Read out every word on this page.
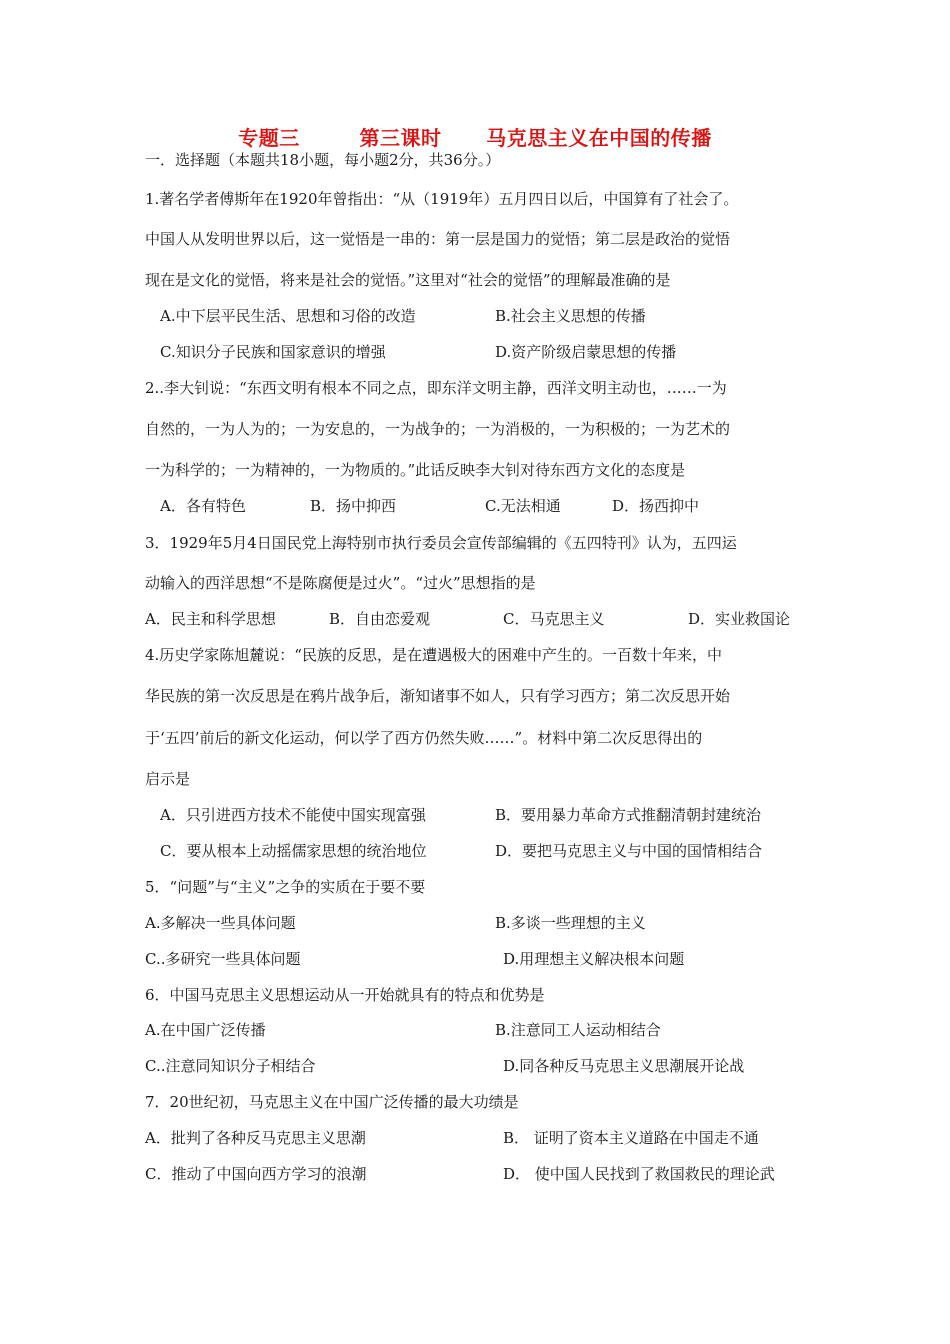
专题三        第三课时      马克思主义在中国的传播
一．选择题（本题共18小题，每小题2分，共36分。）
1.著名学者傅斯年在1920年曾指出：“从（1919年）五月四日以后，中国算有了社会了。
中国人从发明世界以后，这一觉悟是一串的：第一层是国力的觉悟；第二层是政治的觉悟
现在是文化的觉悟，将来是社会的觉悟。”这里对“社会的觉悟”的理解最准确的是
A.中下层平民生活、思想和习俗的改造	B.社会主义思想的传播
C.知识分子民族和国家意识的增强	D.资产阶级启蒙思想的传播
2..李大钊说：“东西文明有根本不同之点，即东洋文明主静，西洋文明主动也，……一为
自然的，一为人为的；一为安息的，一为战争的；一为消极的，一为积极的；一为艺术的
一为科学的；一为精神的，一为物质的。”此话反映李大钊对待东西方文化的态度是
A．各有特色	B．扬中抑西	C.无法相通	D．扬西抑中
3．1929年5月4日国民党上海特别市执行委员会宣传部编辑的《五四特刊》认为，五四运
动输入的西洋思想“不是陈腐便是过火”。“过火”思想指的是
A．民主和科学思想	B．自由恋爱观	C．马克思主义	D．实业救国论
4.历史学家陈旭麓说：“民族的反思，是在遭遇极大的困难中产生的。一百数十年来，中
华民族的第一次反思是在鸦片战争后，渐知诸事不如人，只有学习西方；第二次反思开始
于‘五四’前后的新文化运动，何以学了西方仍然失败……”。材料中第二次反思得出的
启示是
A．只引进西方技术不能使中国实现富强	B．要用暴力革命方式推翻清朝封建统治
C．要从根本上动摇儒家思想的统治地位	D．要把马克思主义与中国的国情相结合
5．“问题”与“主义”之争的实质在于要不要
A.多解决一些具体问题	B.多谈一些理想的主义
C..多研究一些具体问题	D.用理想主义解决根本问题
6．中国马克思主义思想运动从一开始就具有的特点和优势是
A.在中国广泛传播	B.注意同工人运动相结合
C..注意同知识分子相结合	D.同各种反马克思主义思潮展开论战
7．20世纪初，马克思主义在中国广泛传播的最大功绩是
A．批判了各种反马克思主义思潮	B． 证明了资本主义道路在中国走不通
C．推动了中国向西方学习的浪潮	D． 使中国人民找到了救国救民的理论武
